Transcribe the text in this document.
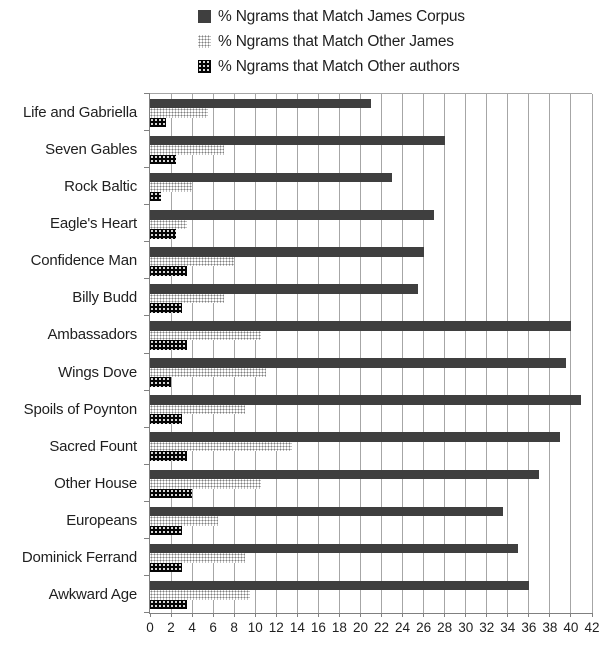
% Ngrams that Match James Corpus
% Ngrams that Match Other James
% Ngrams that Match Other authors
Life and Gabriella
Seven Gables
Rock Baltic
Eagle's Heart
Confidence Man
Billy Budd
Ambassadors
Wings Dove
Spoils of Poynton
Sacred Fount
Other House
Europeans
Dominick Ferrand
Awkward Age
0	2	4	6	8 10 12 14 16 18 20 22 24 26 28 30 32 34 36 38 40 42
